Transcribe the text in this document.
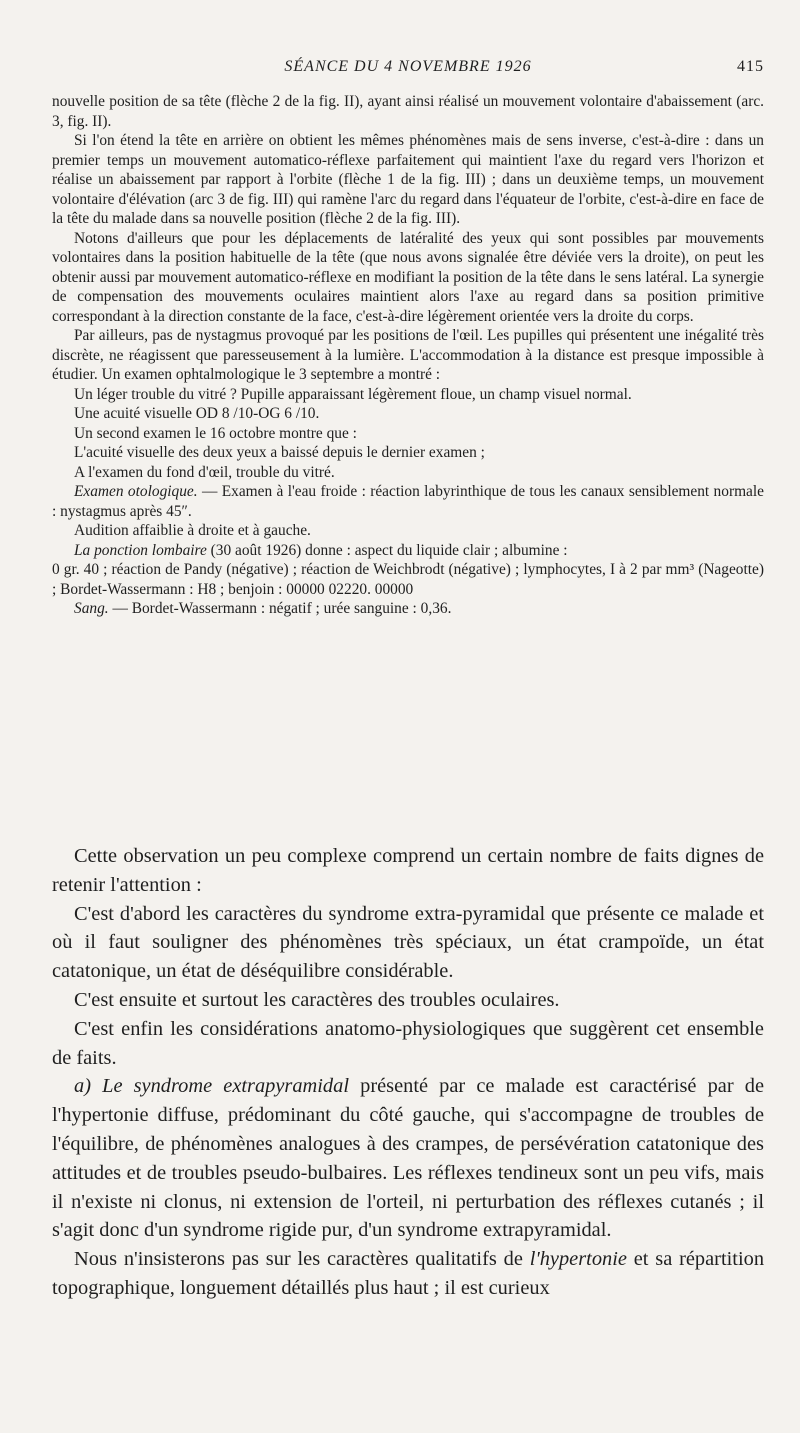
SÉANCE DU 4 NOVEMBRE 1926	415

nouvelle position de sa tête (flèche 2 de la fig. II), ayant ainsi réalisé un mouvement volontaire d'abaissement (arc. 3, fig. II).

Si l'on étend la tête en arrière on obtient les mêmes phénomènes mais de sens inverse, c'est-à-dire : dans un premier temps un mouvement automatico-réflexe parfaitement qui maintient l'axe du regard vers l'horizon et réalise un abaissement par rapport à l'orbite (flèche 1 de la fig. III) ; dans un deuxième temps, un mouvement volontaire d'élévation (arc 3 de fig. III) qui ramène l'arc du regard dans l'équateur de l'orbite, c'est-à-dire en face de la tête du malade dans sa nouvelle position (flèche 2 de la fig. III).

Notons d'ailleurs que pour les déplacements de latéralité des yeux qui sont possibles par mouvements volontaires dans la position habituelle de la tête (que nous avons signalée être déviée vers la droite), on peut les obtenir aussi par mouvement automatico-réflexe en modifiant la position de la tête dans le sens latéral. La synergie de compensation des mouvements oculaires maintient alors l'axe au regard dans sa position primitive correspondant à la direction constante de la face, c'est-à-dire légèrement orientée vers la droite du corps.

Par ailleurs, pas de nystagmus provoqué par les positions de l'œil. Les pupilles qui présentent une inégalité très discrète, ne réagissent que paresseusement à la lumière. L'accommodation à la distance est presque impossible à étudier. Un examen ophtalmologique le 3 septembre a montré :

Un léger trouble du vitré ? Pupille apparaissant légèrement floue, un champ visuel normal.

Une acuité visuelle OD 8 /10-OG 6 /10.

Un second examen le 16 octobre montre que :

L'acuité visuelle des deux yeux a baissé depuis le dernier examen ;

A l'examen du fond d'œil, trouble du vitré.

Examen otologique. — Examen à l'eau froide : réaction labyrinthique de tous les canaux sensiblement normale : nystagmus après 45″.

Audition affaiblie à droite et à gauche.

La ponction lombaire (30 août 1926) donne : aspect du liquide clair ; albumine :

0 gr. 40 ; réaction de Pandy (négative) ; réaction de Weichbrodt (négative) ; lymphocytes, I à 2 par mm³ (Nageotte) ; Bordet-Wassermann : H8 ; benjoin : 00000 02220. 00000

Sang. — Bordet-Wassermann : négatif ; urée sanguine : 0,36.

Cette observation un peu complexe comprend un certain nombre de faits dignes de retenir l'attention :

C'est d'abord les caractères du syndrome extra-pyramidal que présente ce malade et où il faut souligner des phénomènes très spéciaux, un état crampoïde, un état catatonique, un état de déséquilibre considérable.

C'est ensuite et surtout les caractères des troubles oculaires.

C'est enfin les considérations anatomo-physiologiques que suggèrent cet ensemble de faits.

a) Le syndrome extrapyramidal présenté par ce malade est caractérisé par de l'hypertonie diffuse, prédominant du côté gauche, qui s'accompagne de troubles de l'équilibre, de phénomènes analogues à des crampes, de persévération catatonique des attitudes et de troubles pseudo-bulbaires. Les réflexes tendineux sont un peu vifs, mais il n'existe ni clonus, ni extension de l'orteil, ni perturbation des réflexes cutanés ; il s'agit donc d'un syndrome rigide pur, d'un syndrome extrapyramidal.

Nous n'insisterons pas sur les caractères qualitatifs de l'hypertonie et sa répartition topographique, longuement détaillés plus haut ; il est curieux
